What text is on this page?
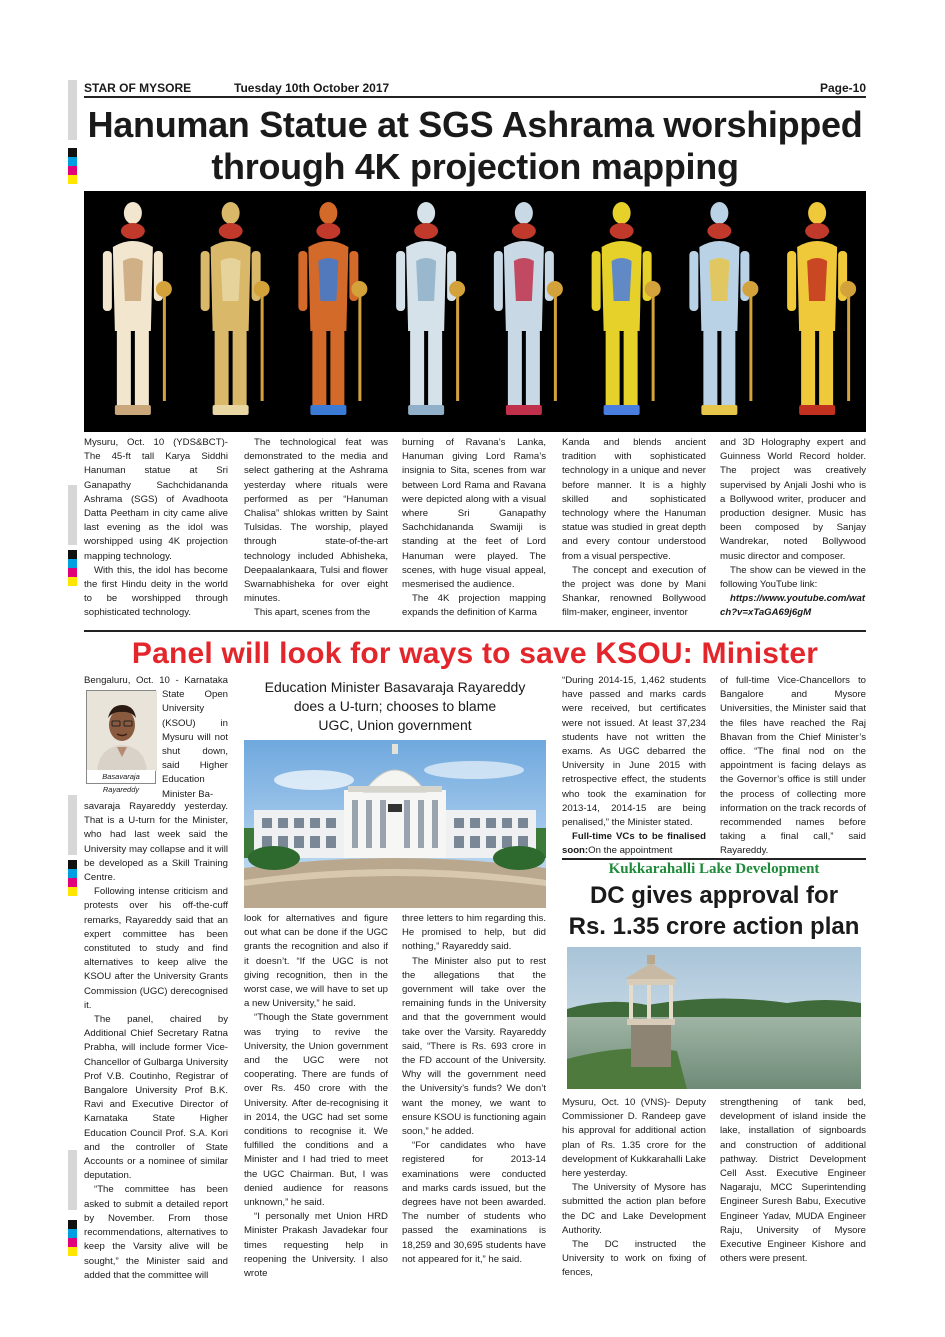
STAR OF MYSORE	Tuesday 10th October 2017	Page-10
Hanuman Statue at SGS Ashrama worshipped
through 4K projection mapping

Mysuru, Oct. 10 (YDS&BCT)- The 45-ft tall Karya Siddhi Hanuman statue at Sri Ganapathy Sachchidananda Ashrama (SGS) of Avadhoota Datta Peetham in city came alive last evening as the idol was worshipped using 4K projection mapping technology.

With this, the idol has become the first Hindu deity in the world to be worshipped through sophisticated technology.

The technological feat was demonstrated to the media and select gathering at the Ashrama yesterday where rituals were performed as per “Hanuman Chalisa” shlokas written by Saint Tulsidas. The worship, played through state-of-the-art technology included Abhisheka, Deepaalankaara, Tulsi and flower Swarnabhisheka for over eight minutes.

This apart, scenes from the

burning of Ravana’s Lanka, Hanuman giving Lord Rama’s insignia to Sita, scenes from war between Lord Rama and Ravana were depicted along with a visual where Sri Ganapathy Sachchidananda Swamiji is standing at the feet of Lord Hanuman were played. The scenes, with huge visual appeal, mesmerised the audience.

The 4K projection mapping expands the definition of Karma

Kanda and blends ancient tradition with sophisticated technology in a unique and never before manner. It is a highly skilled and sophisticated technology where the Hanuman statue was studied in great depth and every contour understood from a visual perspective.

The concept and execution of the project was done by Mani Shankar, renowned Bollywood film-maker, engineer, inventor

and 3D Holography expert and Guinness World Record holder. The project was creatively supervised by Anjali Joshi who is a Bollywood writer, producer and production designer. Music has been composed by Sanjay Wandrekar, noted Bollywood music director and composer.

The show can be viewed in the following YouTube link:

https://www.youtube.com/watch?v=xTaGA69j6gM

Panel will look for ways to save KSOU: Minister
Basavaraja Rayareddy

Bengaluru, Oct. 10 - Karnataka State Open University (KSOU) in Mysuru will not shut down, said Higher Education Minister Ba-

savaraja Rayareddy yesterday. That is a U-turn for the Minister, who had last week said the University may collapse and it will be developed as a Skill Training Centre.

Following intense criticism and protests over his off-the-cuff remarks, Rayareddy said that an expert committee has been constituted to study and find alternatives to keep alive the KSOU after the University Grants Commission (UGC) derecognised it.

The panel, chaired by Additional Chief Secretary Ratna Prabha, will include former Vice-Chancellor of Gulbarga University Prof V.B. Coutinho, Registrar of Bangalore University Prof B.K. Ravi and Executive Director of Karnataka State Higher Education Council Prof. S.A. Kori and the controller of State Accounts or a nominee of similar deputation.

“The committee has been asked to submit a detailed report by November. From those recommendations, alternatives to keep the Varsity alive will be sought,” the Minister said and added that the committee will

Education Minister Basavaraja Rayareddy
does a U-turn; chooses to blame
UGC, Union government

look for alternatives and figure out what can be done if the UGC grants the recognition and also if it doesn’t. “If the UGC is not giving recognition, then in the worst case, we will have to set up a new University,” he said.

“Though the State government was trying to revive the University, the Union government and the UGC were not cooperating. There are funds of over Rs. 450 crore with the University. After de-recognising it in 2014, the UGC had set some conditions to recognise it. We fulfilled the conditions and a Minister and I had tried to meet the UGC Chairman. But, I was denied audience for reasons unknown,” he said.

“I personally met Union HRD Minister Prakash Javadekar four times requesting help in reopening the University. I also wrote

three letters to him regarding this. He promised to help, but did nothing,” Rayareddy said.

The Minister also put to rest the allegations that the government will take over the remaining funds in the University and that the government would take over the Varsity. Rayareddy said, “There is Rs. 693 crore in the FD account of the University. Why will the government need the University’s funds? We don’t want the money, we want to ensure KSOU is functioning again soon,” he added.

“For candidates who have registered for 2013-14 examinations were conducted and marks cards issued, but the degrees have not been awarded. The number of students who passed the examinations is 18,259 and 30,695 students have not appeared for it,” he said.

“During 2014-15, 1,462 students have passed and marks cards were received, but certificates were not issued. At least 37,234 students have not written the exams. As UGC debarred the University in June 2015 with retrospective effect, the students who took the examination for 2013-14, 2014-15 are being penalised,” the Minister stated.

Full-time VCs to be finalised soon:On the appointment

of full-time Vice-Chancellors to Bangalore and Mysore Universities, the Minister said that the files have reached the Raj Bhavan from the Chief Minister’s office. “The final nod on the appointment is facing delays as the Governor’s office is still under the process of collecting more information on the track records of recommended names before taking a final call,” said Rayareddy.

Kukkarahalli Lake Development
DC gives approval for
Rs. 1.35 crore action plan

Mysuru, Oct. 10 (VNS)- Deputy Commissioner D. Randeep gave his approval for additional action plan of Rs. 1.35 crore for the development of Kukkarahalli Lake here yesterday.

The University of Mysore has submitted the action plan before the DC and Lake Development Authority.

The DC instructed the University to work on fixing of fences,

strengthening of tank bed, development of island inside the lake, installation of signboards and construction of additional pathway. District Development Cell Asst. Executive Engineer Nagaraju, MCC Superintending Engineer Suresh Babu, Executive Engineer Yadav, MUDA Engineer Raju, University of Mysore Executive Engineer Kishore and others were present.
